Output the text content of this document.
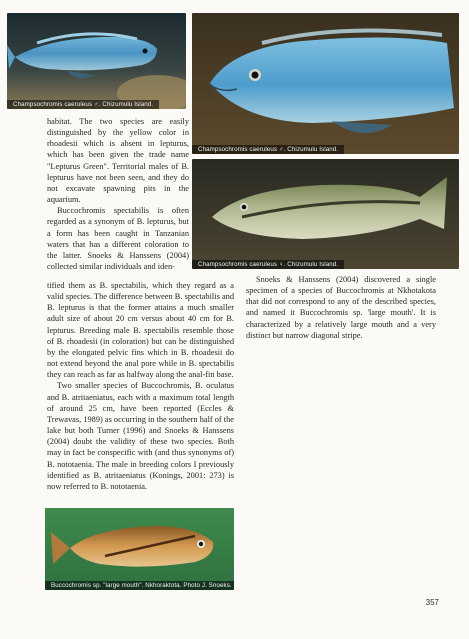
Champsochromis caeruleus ♂. Chizumulu Island.
Champsochromis caeruleus ♂. Chizumulu Island.
Champsochromis caeruleus ♀. Chizumulu Island.
Buccochromis sp. "large mouth". Nkhoraktota. Photo J. Snoeks.

habitat. The two species are easily distinguished by the yellow color in rhoadesii which is absent in lepturus, which has been given the trade name "Lepturus Green". Territorial males of B. lepturus have not been seen, and they do not excavate spawning pits in the aquarium.

Buccochromis spectabilis is often regarded as a synonym of B. lepturus, but a form has been caught in Tanzanian waters that has a different coloration to the latter. Snoeks & Hanssens (2004) collected similar individuals and iden-

tified them as B. spectabilis, which they regard as a valid species. The difference between B. spectabilis and B. lepturus is that the former attains a much smaller adult size of about 20 cm versus about 40 cm for B. lepturus. Breeding male B. spectabilis resemble those of B. rhoadesii (in coloration) but can be distinguished by the elongated pelvic fins which in B. rhoadesii do not extend beyond the anal pore while in B. spectabilis they can reach as far as halfway along the anal-fin base.

Two smaller species of Buccochromis, B. oculatus and B. atritaeniatus, each with a maximum total length of around 25 cm, have been reported (Eccles & Trewavas, 1989) as occurring in the southern half of the lake but both Turner (1996) and Snoeks & Hanssens (2004) doubt the validity of these two species. Both may in fact be conspecific with (and thus synonyms of) B. nototaenia. The male in breeding colors I previously identified as B. atritaeniatus (Konings, 2001: 273) is now referred to B. nototaenia.

Snoeks & Hanssens (2004) discovered a single specimen of a species of Buccochromis at Nkhotakota that did not correspond to any of the described species, and named it Buccochromis sp. 'large mouth'. It is characterized by a relatively large mouth and a very distinct but narrow diagonal stripe.

357
